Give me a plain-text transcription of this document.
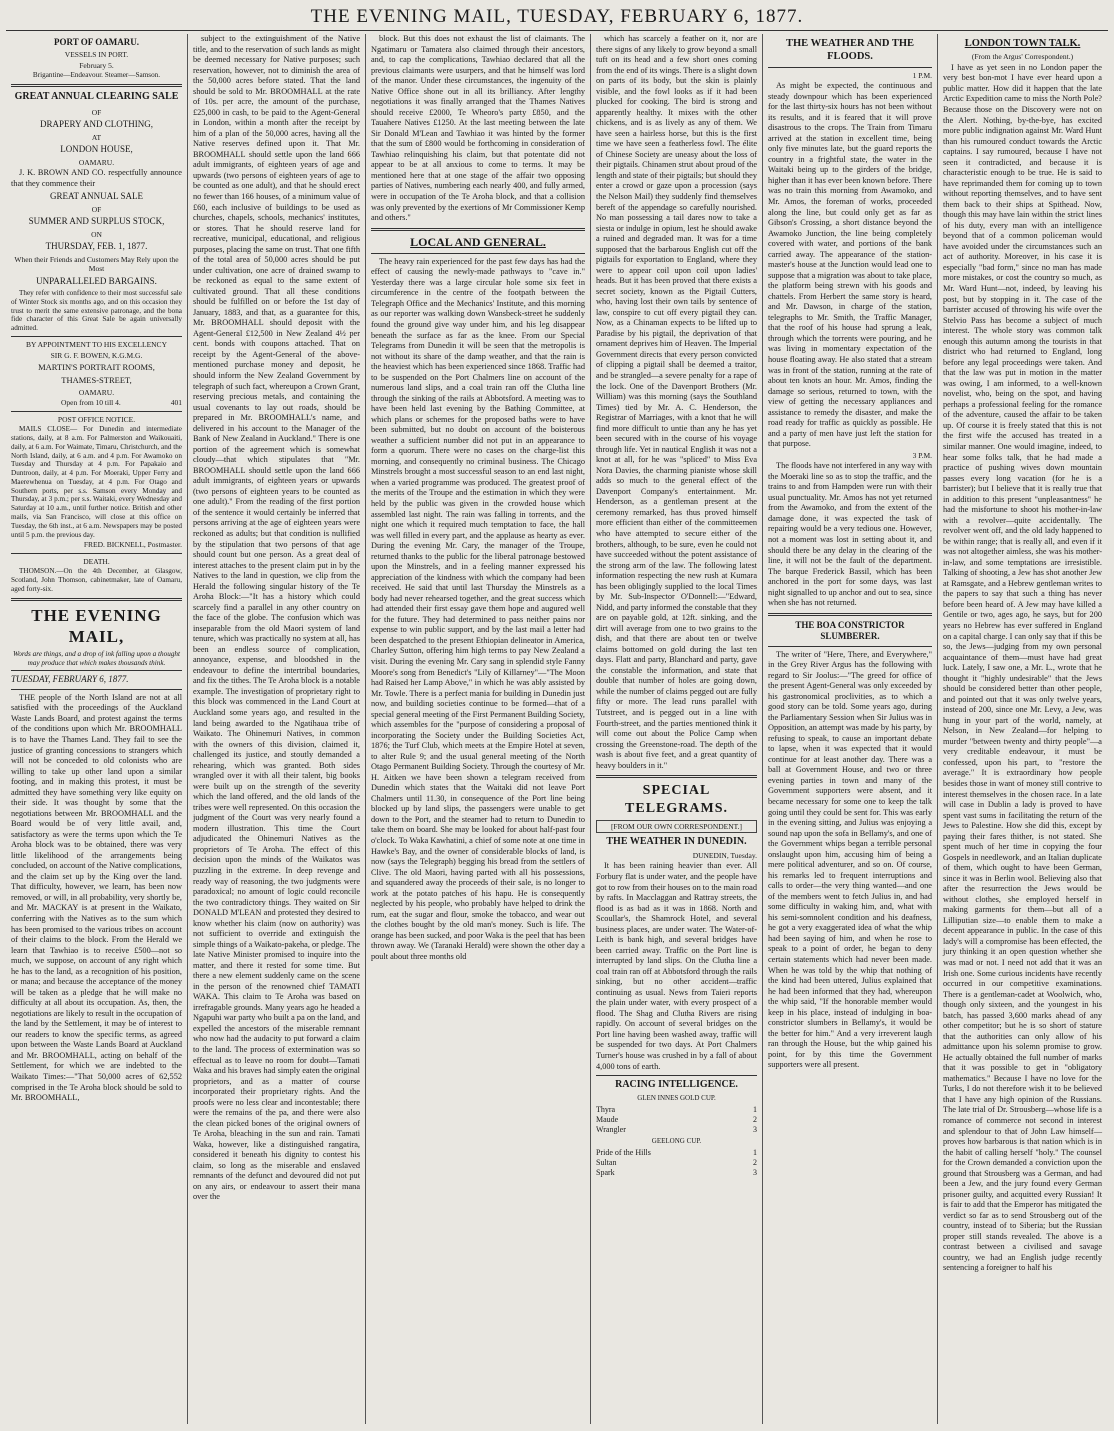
THE EVENING MAIL, TUESDAY, FEBRUARY 6, 1877.
PORT OF OAMARU.
VESSELS IN PORT.
February 5.
Brigantine—Endeavour. Steamer—Samson.
GREAT ANNUAL CLEARING SALE
OF
DRAPERY AND CLOTHING,
AT
LONDON HOUSE,
OAMARU.

J. K. BROWN AND CO. respectfully announce that they commence their

GREAT ANNUAL SALE
OF
SUMMER AND SURPLUS STOCK,
ON
THURSDAY, FEB. 1, 1877.
When their Friends and Customers May Rely upon the Most
UNPARALLELED BARGAINS.

They refer with confidence to their most successful sale of Winter Stock six months ago, and on this occasion they trust to merit the same extensive patronage, and the bona fide character of this Great Sale be again universally admitted.

BY APPOINTMENT TO HIS EXCELLENCY
SIR G. F. BOWEN, K.G.M.G.
MARTIN'S PORTRAIT ROOMS,
THAMES-STREET,
OAMARU.
Open from 10 till 4.	401
POST OFFICE NOTICE.

MAILS CLOSE— For Dunedin and intermediate stations, daily, at 8 a.m. For Palmerston and Waikouaiti, daily, at 6 a.m. For Waimate, Timaru, Christchurch, and the North Island, daily, at 6 a.m. and 4 p.m. For Awamoko on Tuesday and Thursday at 4 p.m. For Papakaio and Duntroon, daily, at 4 p.m. For Moeraki, Upper Ferry and Maerewhenua on Tuesday, at 4 p.m. For Otago and Southern ports, per s.s. Samson every Monday and Thursday, at 3 p.m.; per s.s. Waitaki, every Wednesday and Saturday at 10 a.m., until further notice. British and other mails, via San Francisco, will close at this office on Tuesday, the 6th inst., at 6 a.m. Newspapers may be posted until 5 p.m. the previous day.

FRED. BICKNELL, Postmaster.
DEATH.

THOMSON.—On the 4th December, at Glasgow, Scotland, John Thomson, cabinetmaker, late of Oamaru, aged forty-six.

THE EVENING MAIL,
Words are things, and a drop of ink falling upon a thought may produce that which makes thousands think.
TUESDAY, FEBRUARY 6, 1877.

THE people of the North Island are not at all satisfied with the proceedings of the Auckland Waste Lands Board, and protest against the terms of the conditions upon which Mr. BROOMHALL is to have the Thames Land. They fail to see the justice of granting concessions to strangers which will not be conceded to old colonists who are willing to take up other land upon a similar footing, and in making this protest, it must be admitted they have something very like equity on their side. It was thought by some that the negotiations between Mr. BROOMHALL and the Board would be of very little avail, and, satisfactory as were the terms upon which the Te Aroha block was to be obtained, there was very little likelihood of the arrangements being concluded, on account of the Native complications, and the claim set up by the King over the land. That difficulty, however, we learn, has been now removed, or will, in all probability, very shortly be, and Mr. MACKAY is at present in the Waikato, conferring with the Natives as to the sum which has been promised to the various tribes on account of their claims to the block. From the Herald we learn that Tawhiao is to receive £500—not so much, we suppose, on account of any right which he has to the land, as a recognition of his position, or mana; and because the acceptance of the money will be taken as a pledge that he will make no difficulty at all about its occupation. As, then, the negotiations are likely to result in the occupation of the land by the Settlement, it may be of interest to our readers to know the specific terms, as agreed upon between the Waste Lands Board at Auckland and Mr. BROOMHALL, acting on behalf of the Settlement, for which we are indebted to the Waikato Times:—"That 50,000 acres of 62,552 comprised in the Te Aroha block should be sold to Mr. BROOMHALL,

subject to the extinguishment of the Native title, and to the reservation of such lands as might be deemed necessary for Native purposes; such reservation, however, not to diminish the area of the 50,000 acres before stated. That the land should be sold to Mr. BROOMHALL at the rate of 10s. per acre, the amount of the purchase, £25,000 in cash, to be paid to the Agent-General in London, within a month after the receipt by him of a plan of the 50,000 acres, having all the Native reserves defined upon it. That Mr. BROOMHALL should settle upon the land 666 adult immigrants, of eighteen years of age and upwards (two persons of eighteen years of age to be counted as one adult), and that he should erect no fewer than 166 houses, of a minimum value of £60, each inclusive of buildings to be used as churches, chapels, schools, mechanics' institutes, or stores. That he should reserve land for recreative, municipal, educational, and religious purposes, placing the same on trust. That one fifth of the total area of 50,000 acres should be put under cultivation, one acre of drained swamp to be reckoned as equal to the same extent of cultivated ground. That all these conditions should be fulfilled on or before the 1st day of January, 1883, and that, as a guarantee for this, Mr. BROOMHALL should deposit with the Agent-General £12,500 in New Zealand 4½ per cent. bonds with coupons attached. That on receipt by the Agent-General of the above-mentioned purchase money and deposit, he should inform the New Zealand Government by telegraph of such fact, whereupon a Crown Grant, reserving precious metals, and containing the usual covenants to lay out roads, should be prepared in Mr. BROOMHALL's name, and delivered in his account to the Manager of the Bank of New Zealand in Auckland." There is one portion of the agreement which is somewhat cloudy—that which stipulates that "Mr. BROOMHALL should settle upon the land 666 adult immigrants, of eighteen years or upwards (two persons of eighteen years to be counted as one adult)." From the reading of the first portion of the sentence it would certainly be inferred that persons arriving at the age of eighteen years were reckoned as adults; but that condition is nullified by the stipulation that two persons of that age should count but one person. As a great deal of interest attaches to the present claim put in by the Natives to the land in question, we clip from the Herald the following singular history of the Te Aroha Block:—"It has a history which could scarcely find a parallel in any other country on the face of the globe. The confusion which was inseparable from the old Maori system of land tenure, which was practically no system at all, has been an endless source of complication, annoyance, expense, and bloodshed in the endeavour to define the intertribal boundaries, and fix the tithes. The Te Aroha block is a notable example. The investigation of proprietary right to this block was commenced in the Land Court at Auckland some years ago, and resulted in the land being awarded to the Ngatihaua tribe of Waikato. The Ohinemuri Natives, in common with the owners of this division, claimed it, challenged its justice, and stoutly demanded a rehearing, which was granted. Both sides wrangled over it with all their talent, big books were built up on the strength of the severity which the land offered, and the old lands of the tribes were well represented. On this occasion the judgment of the Court was very nearly found a modern illustration. This time the Court adjudicated the Ohinemuri Natives as the proprietors of Te Aroha. The effect of this decision upon the minds of the Waikatos was puzzling in the extreme. In deep revenge and ready way of reasoning, the two judgments were paradoxical; no amount of logic could reconcile the two contradictory things. They waited on Sir DONALD M'LEAN and protested they desired to know whether his claim (now on authority) was not sufficient to override and extinguish the simple things of a Waikato-pakeha, or pledge. The late Native Minister promised to inquire into the matter, and there it rested for some time. But there a new element suddenly came on the scene in the person of the renowned chief TAMATI WAKA. This claim to Te Aroha was based on irrefragable grounds. Many years ago he headed a Ngapuhi war party who built a pa on the land, and expelled the ancestors of the miserable remnant who now had the audacity to put forward a claim to the land. The process of extermination was so effectual as to leave no room for doubt—Tamati Waka and his braves had simply eaten the original proprietors, and as a matter of course incorporated their proprietary rights. And the proofs were no less clear and incontestable; there were the remains of the pa, and there were also the clean picked bones of the original owners of Te Aroha, bleaching in the sun and rain. Tamati Waka, however, like a distinguished rangatira, considered it beneath his dignity to contest his claim, so long as the miserable and enslaved remnants of the defunct and devoured did not put on any airs, or endeavour to assert their mana over the

block. But this does not exhaust the list of claimants. The Ngatimaru or Tamatera also claimed through their ancestors, and, to cap the complications, Tawhiao declared that all the previous claimants were usurpers, and that he himself was lord of the manor. Under these circumstances, the ingenuity of the Native Office shone out in all its brilliancy. After lengthy negotiations it was finally arranged that the Thames Natives should receive £2000, Te Wheoro's party £850, and the Tauahere Natives £1250. At the last meeting between the late Sir Donald M'Lean and Tawhiao it was hinted by the former that the sum of £800 would be forthcoming in consideration of Tawhiao relinquishing his claim, but that potentate did not appear to be at all anxious to come to terms. It may be mentioned here that at one stage of the affair two opposing parties of Natives, numbering each nearly 400, and fully armed, were in occupation of the Te Aroha block, and that a collision was only prevented by the exertions of Mr Commissioner Kemp and others."

LOCAL AND GENERAL.

The heavy rain experienced for the past few days has had the effect of causing the newly-made pathways to "cave in." Yesterday there was a large circular hole some six feet in circumference in the centre of the footpath between the Telegraph Office and the Mechanics' Institute, and this morning as our reporter was walking down Wansbeck-street he suddenly found the ground give way under him, and his leg disappear beneath the surface as far as the knee. From our Special Telegrams from Dunedin it will be seen that the metropolis is not without its share of the damp weather, and that the rain is the heaviest which has been experienced since 1868. Traffic had to be suspended on the Port Chalmers line on account of the numerous land slips, and a coal train ran off the Clutha line through the sinking of the rails at Abbotsford. A meeting was to have been held last evening by the Bathing Committee, at which plans or schemes for the proposed baths were to have been submitted, but no doubt on account of the boisterous weather a sufficient number did not put in an appearance to form a quorum. There were no cases on the charge-list this morning, and consequently no criminal business. The Chicago Minstrels brought a most successful season to an end last night, when a varied programme was produced. The greatest proof of the merits of the Troupe and the estimation in which they were held by the public was given in the crowded house which assembled last night. The rain was falling in torrents, and the night one which it required much temptation to face, the hall was well filled in every part, and the applause as hearty as ever. During the evening Mr. Cary, the manager of the Troupe, returned thanks to the public for the liberal patronage bestowed upon the Minstrels, and in a feeling manner expressed his appreciation of the kindness with which the company had been received. He said that until last Thursday the Minstrels as a body had never rehearsed together, and the great success which had attended their first essay gave them hope and augured well for the future. They had determined to pass neither pains nor expense to win public support, and by the last mail a letter had been despatched to the present Ethiopian delineator in America, Charley Sutton, offering him high terms to pay New Zealand a visit. During the evening Mr. Cary sang in splendid style Fanny Moore's song from Benedict's "Lily of Killarney"—"The Moon had Raised her Lamp Above," in which he was ably assisted by Mr. Towle. There is a perfect mania for building in Dunedin just now, and building societies continue to be formed—that of a special general meeting of the First Permanent Building Society, which assembles for the "purpose of considering a proposal of incorporating the Society under the Building Societies Act, 1876; the Turf Club, which meets at the Empire Hotel at seven, to alter Rule 9; and the usual general meeting of the North Otago Permanent Building Society. Through the courtesy of Mr. H. Aitken we have been shown a telegram received from Dunedin which states that the Waitaki did not leave Port Chalmers until 11.30, in consequence of the Port line being blocked up by land slips, the passengers were unable to get down to the Port, and the steamer had to return to Dunedin to take them on board. She may be looked for about half-past four o'clock. To Waka Kawhatini, a chief of some note at one time in Hawke's Bay, and the owner of considerable blocks of land, is now (says the Telegraph) begging his bread from the settlers of Clive. The old Maori, having parted with all his possessions, and squandered away the proceeds of their sale, is no longer to work at the potato patches of his hapu. He is consequently neglected by his people, who probably have helped to drink the rum, eat the sugar and flour, smoke the tobacco, and wear out the clothes bought by the old man's money. Such is life. The orange has been sucked, and poor Waka is the peel that has been thrown away. We (Taranaki Herald) were shown the other day a poult about three months old

which has scarcely a feather on it, nor are there signs of any likely to grow beyond a small tuft on its head and a few short ones coming from the end of its wings. There is a slight down on parts of its body, but the skin is plainly visible, and the fowl looks as if it had been plucked for cooking. The bird is strong and apparently healthy. It mixes with the other chickens, and is as lively as any of them. We have seen a hairless horse, but this is the first time we have seen a featherless fowl. The élite of Chinese Society are uneasy about the loss of their pigtails. Chinamen strut about proud of the length and state of their pigtails; but should they enter a crowd or gaze upon a procession (says the Nelson Mail) they suddenly find themselves bereft of the appendage so carefully nourished. No man possessing a tail dares now to take a siesta or indulge in opium, lest he should awake a ruined and degraded man. It was for a time supposed that the barbarous English cut off the pigtails for exportation to England, where they were to appear coil upon coil upon ladies' heads. But it has been proved that there exists a secret society, known as the Pigtail Cutters, who, having lost their own tails by sentence of law, conspire to cut off every pigtail they can. Now, as a Chinaman expects to be lifted up to Paradise by his pigtail, the deprivation of that ornament deprives him of Heaven. The Imperial Government directs that every person convicted of clipping a pigtail shall be deemed a traitor, and be strangled—a severe penalty for a rape of the lock. One of the Davenport Brothers (Mr. William) was this morning (says the Southland Times) tied by Mr. A. C. Henderson, the Registrar of Marriages, with a knot that he will find more difficult to untie than any he has yet been secured with in the course of his voyage through life. Yet in nautical English it was not a knot at all, for he was "spliced" to Miss Eva Nora Davies, the charming pianiste whose skill adds so much to the general effect of the Davenport Company's entertainment. Mr. Henderson, as a gentleman present at the ceremony remarked, has thus proved himself more efficient than either of the committeemen who have attempted to secure either of the brothers, although, to be sure, even he could not have succeeded without the potent assistance of the strong arm of the law. The following latest information respecting the new rush at Kumara has been obligingly supplied to the local Times by Mr. Sub-Inspector O'Donnell:—"Edward, Nidd, and party informed the constable that they are on payable gold, at 12ft. sinking, and the dirt will average from one to two grains to the dish, and that there are about ten or twelve claims bottomed on gold during the last ten days. Flatt and party, Blanchard and party, gave the constable the information, and state that double that number of holes are going down, while the number of claims pegged out are fully fifty or more. The lead runs parallel with Tutstreet, and is pegged out in a line with Fourth-street, and the parties mentioned think it will come out about the Police Camp when crossing the Greenstone-road. The depth of the wash is about five feet, and a great quantity of heavy boulders in it."

SPECIAL TELEGRAMS.
[FROM OUR OWN CORRESPONDENT.]
THE WEATHER IN DUNEDIN.
DUNEDIN, Tuesday.

It has been raining heavier than ever. All Forbury flat is under water, and the people have got to row from their houses on to the main road by rafts. In Macclaggan and Rattray streets, the flood is as bad as it was in 1868. North and Scoullar's, the Shamrock Hotel, and several business places, are under water. The Water-of-Leith is bank high, and several bridges have been carried away. Traffic on the Port line is interrupted by land slips. On the Clutha line a coal train ran off at Abbotsford through the rails sinking, but no other accident—traffic continuing as usual. News from Taieri reports the plain under water, with every prospect of a flood. The Shag and Clutha Rivers are rising rapidly. On account of several bridges on the Port line having been washed away, traffic will be suspended for two days. At Port Chalmers Turner's house was crushed in by a fall of about 4,000 tons of earth.

RACING INTELLIGENCE.
GLEN INNES GOLD CUP.
Thyra	1
Maude	2
Wrangler	3
GEELONG CUP.
Pride of the Hills	1
Sultan	2
Spark	3
THE WEATHER AND THE FLOODS.
1 P.M.

As might be expected, the continuous and steady downpour which has been experienced for the last thirty-six hours has not been without its results, and it is feared that it will prove disastrous to the crops. The Train from Timaru arrived at the station in excellent time, being only five minutes late, but the guard reports the country in a frightful state, the water in the Waitaki being up to the girders of the bridge, higher than it has ever been known before. There was no train this morning from Awamoko, and Mr. Amos, the foreman of works, proceeded along the line, but could only get as far as Gibson's Crossing, a short distance beyond the Awamoko Junction, the line being completely covered with water, and portions of the bank carried away. The appearance of the station-master's house at the Junction would lead one to suppose that a migration was about to take place, the platform being strewn with his goods and chattels. From Herbert the same story is heard, and Mr. Dawson, in charge of the station, telegraphs to Mr. Smith, the Traffic Manager, that the roof of his house had sprung a leak, through which the torrents were pouring, and he was living in momentary expectation of the house floating away. He also stated that a stream was in front of the station, running at the rate of about ten knots an hour. Mr. Amos, finding the damage so serious, returned to town, with the view of getting the necessary appliances and assistance to remedy the disaster, and make the road ready for traffic as quickly as possible. He and a party of men have just left the station for that purpose.

3 P.M.

The floods have not interfered in any way with the Moeraki line so as to stop the traffic, and the trains to and from Hampden were run with their usual punctuality. Mr. Amos has not yet returned from the Awamoko, and from the extent of the damage done, it was expected the task of repairing would be a very tedious one. However, not a moment was lost in setting about it, and should there be any delay in the clearing of the line, it will not be the fault of the department. The barque Frederick Bassil, which has been anchored in the port for some days, was last night signalled to up anchor and out to sea, since when she has not returned.

THE BOA CONSTRICTOR SLUMBERER.

The writer of "Here, There, and Everywhere," in the Grey River Argus has the following with regard to Sir Joolus:—"The greed for office of the present Agent-General was only exceeded by his gastronomical proclivities, as to which a good story can be told. Some years ago, during the Parliamentary Session when Sir Julius was in Opposition, an attempt was made by his party, by refusing to speak, to cause an important debate to lapse, when it was expected that it would continue for at least another day. There was a ball at Government House, and two or three evening parties in town and many of the Government supporters were absent, and it became necessary for some one to keep the talk going until they could be sent for. This was early in the evening sitting, and Julius was enjoying a sound nap upon the sofa in Bellamy's, and one of the Government whips began a terrible personal onslaught upon him, accusing him of being a mere political adventurer, and so on. Of course, his remarks led to frequent interruptions and calls to order—the very thing wanted—and one of the members went to fetch Julius in, and had some difficulty in waking him, and, what with his semi-somnolent condition and his deafness, he got a very exaggerated idea of what the whip had been saying of him, and when he rose to speak to a point of order, he began to deny certain statements which had never been made. When he was told by the whip that nothing of the kind had been uttered, Julius explained that he had been informed that they had, whereupon the whip said, "If the honorable member would keep in his place, instead of indulging in boa-constrictor slumbers in Bellamy's, it would be the better for him." And a very irreverent laugh ran through the House, but the whip gained his point, for by this time the Government supporters were all present.

LONDON TOWN TALK.
(From the Argus' Correspondent.)

I have as yet seen in no London paper the very best bon-mot I have ever heard upon a public matter. How did it happen that the late Arctic Expedition came to miss the North Pole? Because those on the Discovery were not on the Alert. Nothing, by-the-bye, has excited more public indignation against Mr. Ward Hunt than his rumoured conduct towards the Arctic captains. I say rumoured, because I have not seen it contradicted, and because it is characteristic enough to be true. He is said to have reprimanded them for coming up to town without reporting themselves, and to have sent them back to their ships at Spithead. Now, though this may have lain within the strict lines of his duty, every man with an intelligence beyond that of a common policeman would have avoided under the circumstances such an act of authority. Moreover, in his case it is especially "bad form," since no man has made more mistakes, or cost the country so much, as Mr. Ward Hunt—not, indeed, by leaving his post, but by stopping in it. The case of the barrister accused of throwing his wife over the Stelvio Pass has become a subject of much interest. The whole story was common talk enough this autumn among the tourists in that district who had returned to England, long before any legal proceedings were taken. And that the law was put in motion in the matter was owing, I am informed, to a well-known novelist, who, being on the spot, and having perhaps a professional feeling for the romance of the adventure, caused the affair to be taken up. Of course it is freely stated that this is not the first wife the accused has treated in a similar manner. One would imagine, indeed, to hear some folks talk, that he had made a practice of pushing wives down mountain passes every long vacation (for he is a barrister); but I believe that it is really true that in addition to this present "unpleasantness" he had the misfortune to shoot his mother-in-law with a revolver—quite accidentally. The revolver went off, and the old lady happened to be within range; that is really all, and even if it was not altogether aimless, she was his mother-in-law, and some temptations are irresistible. Talking of shooting, a Jew has shot another Jew at Ramsgate, and a Hebrew gentleman writes to the papers to say that such a thing has never before been heard of. A Jew may have killed a Gentile or two, ages ago, he says, but for 200 years no Hebrew has ever suffered in England on a capital charge. I can only say that if this be so, the Jews—judging from my own personal acquaintance of them—must have had great luck. Lately, I saw one, a Mr. L., wrote that he thought it "highly undesirable" that the Jews should be considered better than other people, and pointed out that it was only twelve years, instead of 200, since one Mr. Levy, a Jew, was hung in your part of the world, namely, at Nelson, in New Zealand—for helping to murder "between twenty and thirty people"—a very creditable endeavour, it must be confessed, upon his part, to "restore the average." It is extraordinary how people besides those in want of money still contrive to interest themselves in the chosen race. In a late will case in Dublin a lady is proved to have spent vast sums in facilitating the return of the Jews to Palestine. How she did this, except by paying their fares thither, is not stated. She spent much of her time in copying the four Gospels in needlework, and an Italian duplicate of them, which ought to have been German, since it was in Berlin wool. Believing also that after the resurrection the Jews would be without clothes, she employed herself in making garments for them—but all of a Lilliputian size—to enable them to make a decent appearance in public. In the case of this lady's will a compromise has been effected, the jury thinking it an open question whether she was mad or not. I need not add that it was an Irish one. Some curious incidents have recently occurred in our competitive examinations. There is a gentleman-cadet at Woolwich, who, though only sixteen, and the youngest in his batch, has passed 3,600 marks ahead of any other competitor; but he is so short of stature that the authorities can only allow of his admittance upon his solemn promise to grow. He actually obtained the full number of marks that it was possible to get in "obligatory mathematics." Because I have no love for the Turks, I do not therefore wish it to be believed that I have any high opinion of the Russians. The late trial of Dr. Strousberg—whose life is a romance of commerce not second in interest and splendour to that of John Law himself—proves how barbarous is that nation which is in the habit of calling herself "holy." The counsel for the Crown demanded a conviction upon the ground that Strousberg was a German, and had been a Jew, and the jury found every German prisoner guilty, and acquitted every Russian! It is fair to add that the Emperor has mitigated the verdict so far as to send Strousberg out of the country, instead of to Siberia; but the Russian proper still stands revealed. The above is a contrast between a civilised and savage country, we had an English judge recently sentencing a foreigner to half his
